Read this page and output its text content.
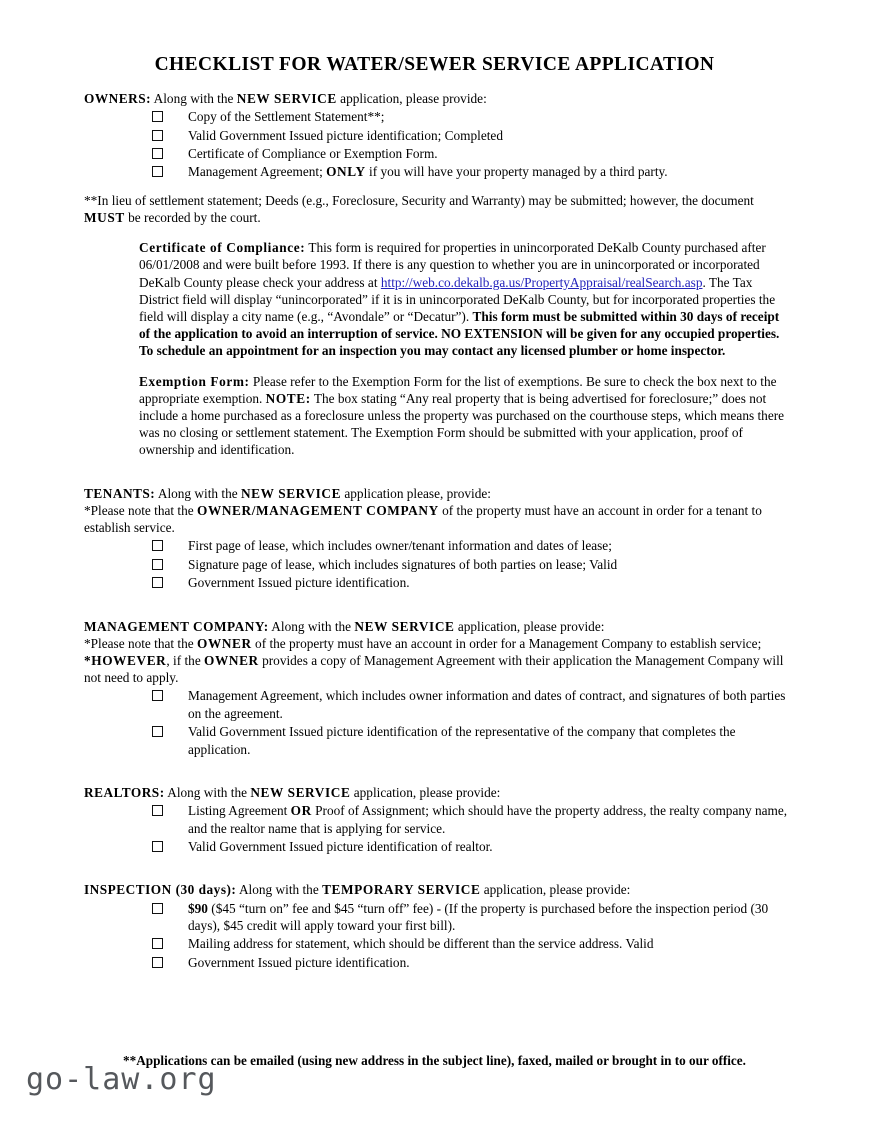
CHECKLIST FOR WATER/SEWER SERVICE APPLICATION

OWNERS: Along with the NEW SERVICE application, please provide:

Copy of the Settlement Statement**;
Valid Government Issued picture identification; Completed
Certificate of Compliance or Exemption Form.
Management Agreement; ONLY if you will have your property managed by a third party.

**In lieu of settlement statement; Deeds (e.g., Foreclosure, Security and Warranty) may be submitted; however, the document MUST be recorded by the court.

Certificate of Compliance: This form is required for properties in unincorporated DeKalb County purchased after 06/01/2008 and were built before 1993. If there is any question to whether you are in unincorporated or incorporated DeKalb County please check your address at http://web.co.dekalb.ga.us/PropertyAppraisal/realSearch.asp. The Tax District field will display “unincorporated” if it is in unincorporated DeKalb County, but for incorporated properties the field will display a city name (e.g., “Avondale” or “Decatur”). This form must be submitted within 30 days of receipt of the application to avoid an interruption of service. NO EXTENSION will be given for any occupied properties. To schedule an appointment for an inspection you may contact any licensed plumber or home inspector.

Exemption Form: Please refer to the Exemption Form for the list of exemptions. Be sure to check the box next to the appropriate exemption. NOTE: The box stating “Any real property that is being advertised for foreclosure;” does not include a home purchased as a foreclosure unless the property was purchased on the courthouse steps, which means there was no closing or settlement statement. The Exemption Form should be submitted with your application, proof of ownership and identification.

TENANTS: Along with the NEW SERVICE application please, provide:

*Please note that the OWNER/MANAGEMENT COMPANY of the property must have an account in order for a tenant to establish service.

First page of lease, which includes owner/tenant information and dates of lease;
Signature page of lease, which includes signatures of both parties on lease; Valid
Government Issued picture identification.

MANAGEMENT COMPANY: Along with the NEW SERVICE application, please provide:

*Please note that the OWNER of the property must have an account in order for a Management Company to establish service;

*HOWEVER, if the OWNER provides a copy of Management Agreement with their application the Management Company will not need to apply.

Management Agreement, which includes owner information and dates of contract, and signatures of both parties on the agreement.
Valid Government Issued picture identification of the representative of the company that completes the application.

REALTORS: Along with the NEW SERVICE application, please provide:

Listing Agreement OR Proof of Assignment; which should have the property address, the realty company name, and the realtor name that is applying for service.
Valid Government Issued picture identification of realtor.

INSPECTION (30 days): Along with the TEMPORARY SERVICE application, please provide:

$90 ($45 “turn on” fee and $45 “turn off” fee) - (If the property is purchased before the inspection period (30 days), $45 credit will apply toward your first bill).
Mailing address for statement, which should be different than the service address. Valid
Government Issued picture identification.
**Applications can be emailed (using new address in the subject line), faxed, mailed or brought in to our office.
go-law.org
